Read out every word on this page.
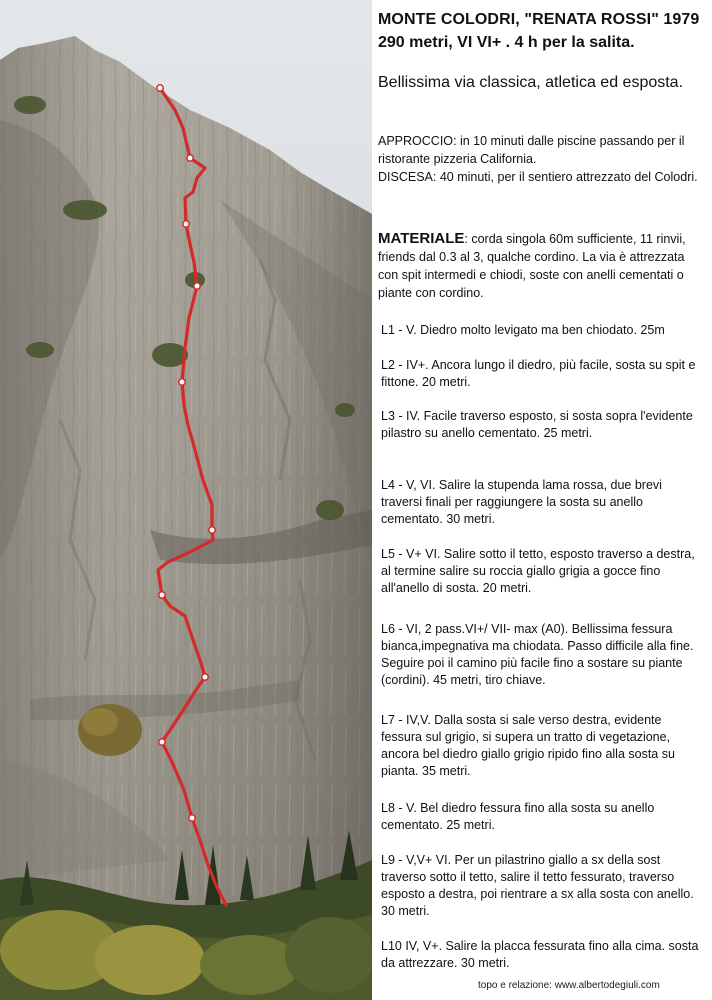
MONTE COLODRI, "RENATA ROSSI" 1979
290 metri, VI VI+ . 4 h per la salita.
Bellissima via classica, atletica ed esposta.
APPROCCIO: in 10 minuti dalle piscine passando per il ristorante pizzeria California.
DISCESA: 40 minuti, per il sentiero attrezzato del Colodri.
MATERIALE: corda singola 60m sufficiente, 11 rinvii, friends dal 0.3 al 3, qualche cordino. La via è attrezzata con spit intermedi e chiodi, soste con anelli cementati o piante con cordino.
L1 - V. Diedro molto levigato ma ben chiodato. 25m
L2 - IV+. Ancora lungo il diedro, più facile, sosta su spit e fittone. 20 metri.
L3 - IV. Facile traverso esposto, si sosta sopra l'evidente pilastro su anello cementato. 25 metri.
L4 - V, VI. Salire la stupenda lama rossa, due brevi traversi finali per raggiungere la sosta su anello cementato. 30 metri.
L5 - V+ VI. Salire sotto il tetto, esposto traverso a destra, al termine salire su roccia giallo grigia a gocce fino all'anello di sosta. 20 metri.
L6 - VI, 2 pass.VI+/ VII- max (A0). Bellissima fessura bianca,impegnativa ma chiodata. Passo difficile alla fine. Seguire poi il camino più facile fino a sostare su piante (cordini). 45 metri, tiro chiave.
L7 - IV,V. Dalla sosta si sale verso destra, evidente fessura sul grigio, si supera un tratto di vegetazione, ancora bel diedro giallo grigio ripido fino alla sosta su pianta. 35 metri.
L8 - V. Bel diedro fessura fino alla sosta su anello cementato. 25 metri.
L9 - V,V+ VI. Per un pilastrino giallo a sx della sost traverso sotto il tetto, salire il tetto fessurato, traverso esposto a destra, poi rientrare a sx alla sosta con anello. 30 metri.
L10 IV, V+. Salire la placca fessurata fino alla cima. sosta da attrezzare. 30 metri.
topo e relazione: www.albertodegiuli.com
